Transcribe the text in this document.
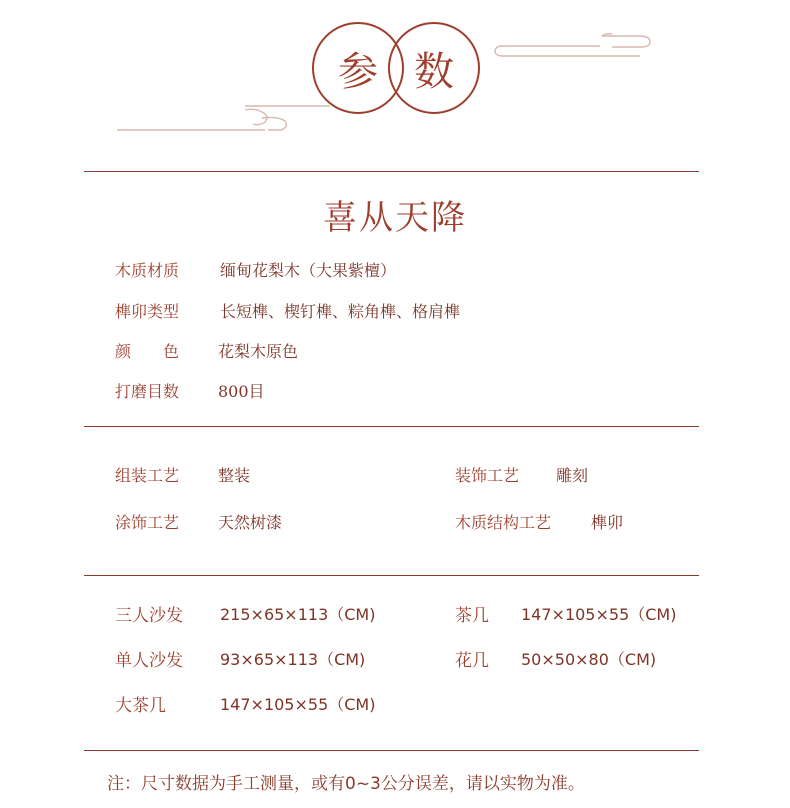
参 数
喜从天降
木质材质	缅甸花梨木（大果紫檀）
榫卯类型	长短榫、楔钉榫、粽角榫、格肩榫
颜　　色 花梨木原色
打磨目数 800目
组装工艺 整装	装饰工艺 雕刻
涂饰工艺 天然树漆	木质结构工艺 榫卯
三人沙发 215×65×113（CM)	茶几 147×105×55（CM)
单人沙发 93×65×113（CM)	花几 50×50×80（CM)
大茶几	147×105×55（CM)
注：尺寸数据为手工测量，或有0~3公分误差，请以实物为准。
